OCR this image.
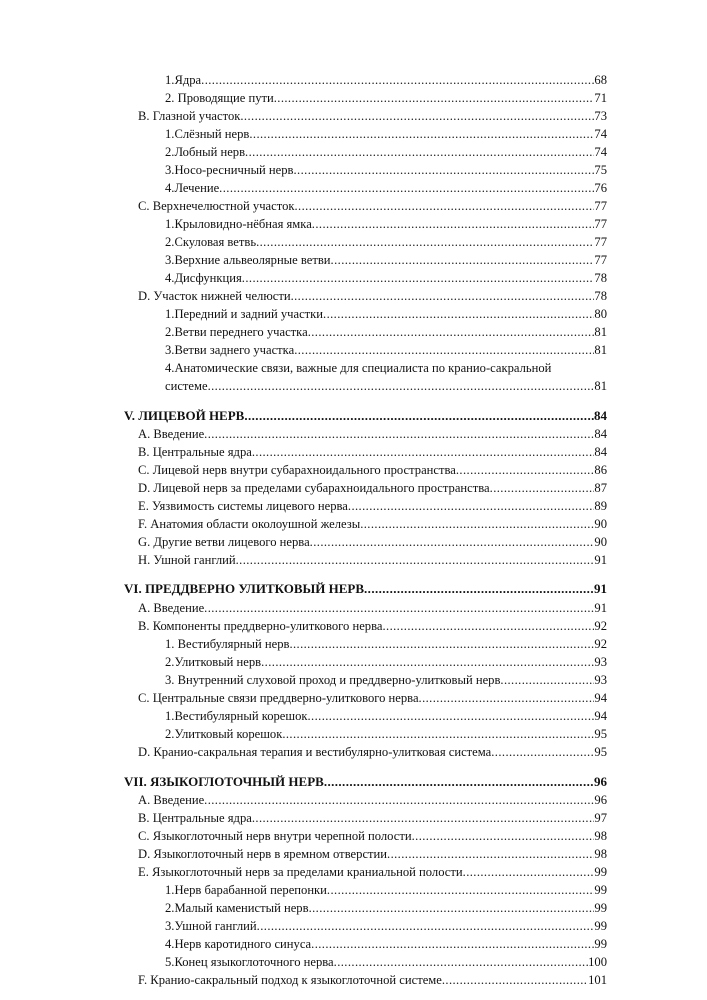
1.Ядра .....	68
2. Проводящие пути .....	71
В. Глазной участок .....	73
1.Слёзный нерв .....	74
2.Лобный нерв .....	74
3.Носо-ресничный нерв .....	75
4.Лечение .....	76
С. Верхнечелюстной участок .....	77
1.Крыловидно-нёбная ямка .....	77
2.Скуловая ветвь .....	77
3.Верхние альвеолярные ветви .....	77
4.Дисфункция .....	78
D. Участок нижней челюсти .....	78
1.Передний и задний участки .....	80
2.Ветви переднего участка .....	81
3.Ветви заднего участка .....	81
4.Анатомические связи, важные для специалиста по кранио-сакральной
системе .....	81
V. ЛИЦЕВОЙ НЕРВ .....	84
A. Введение .....	84
B. Центральные ядра .....	84
C. Лицевой нерв внутри субарахноидального пространства .....	86
D. Лицевой нерв за пределами субарахноидального пространства .....	87
E. Уязвимость системы лицевого нерва .....	89
F. Анатомия области околоушной железы .....	90
G. Другие ветви лицевого нерва .....	90
H. Ушной ганглий .....	91
VI. ПРЕДДВЕРНО УЛИТКОВЫЙ НЕРВ .....	91
A. Введение .....	91
B. Компоненты преддверно-улиткового нерва .....	92
1. Вестибулярный нерв .....	92
2.Улитковый нерв .....	93
3. Внутренний слуховой проход и преддверно-улитковый нерв .....	93
C. Центральные связи преддверно-улиткового нерва .....	94
1.Вестибулярный корешок .....	94
2.Улитковый корешок .....	95
D. Кранио-сакральная терапия и вестибулярно-улитковая система .....	95
VII. ЯЗЫКОГЛОТОЧНЫЙ НЕРВ .....	96
A. Введение .....	96
B. Центральные ядра .....	97
C. Языкоглоточный нерв внутри черепной полости .....	98
D. Языкоглоточный нерв в яремном отверстии .....	98
E. Языкоглоточный нерв за пределами краниальной полости .....	99
1.Нерв барабанной перепонки .....	99
2.Малый каменистый нерв .....	99
3.Ушной ганглий .....	99
4.Нерв каротидного синуса .....	99
5.Конец языкоглоточного нерва .....	100
F. Кранио-сакральный подход к языкоглоточной системе .....	101
